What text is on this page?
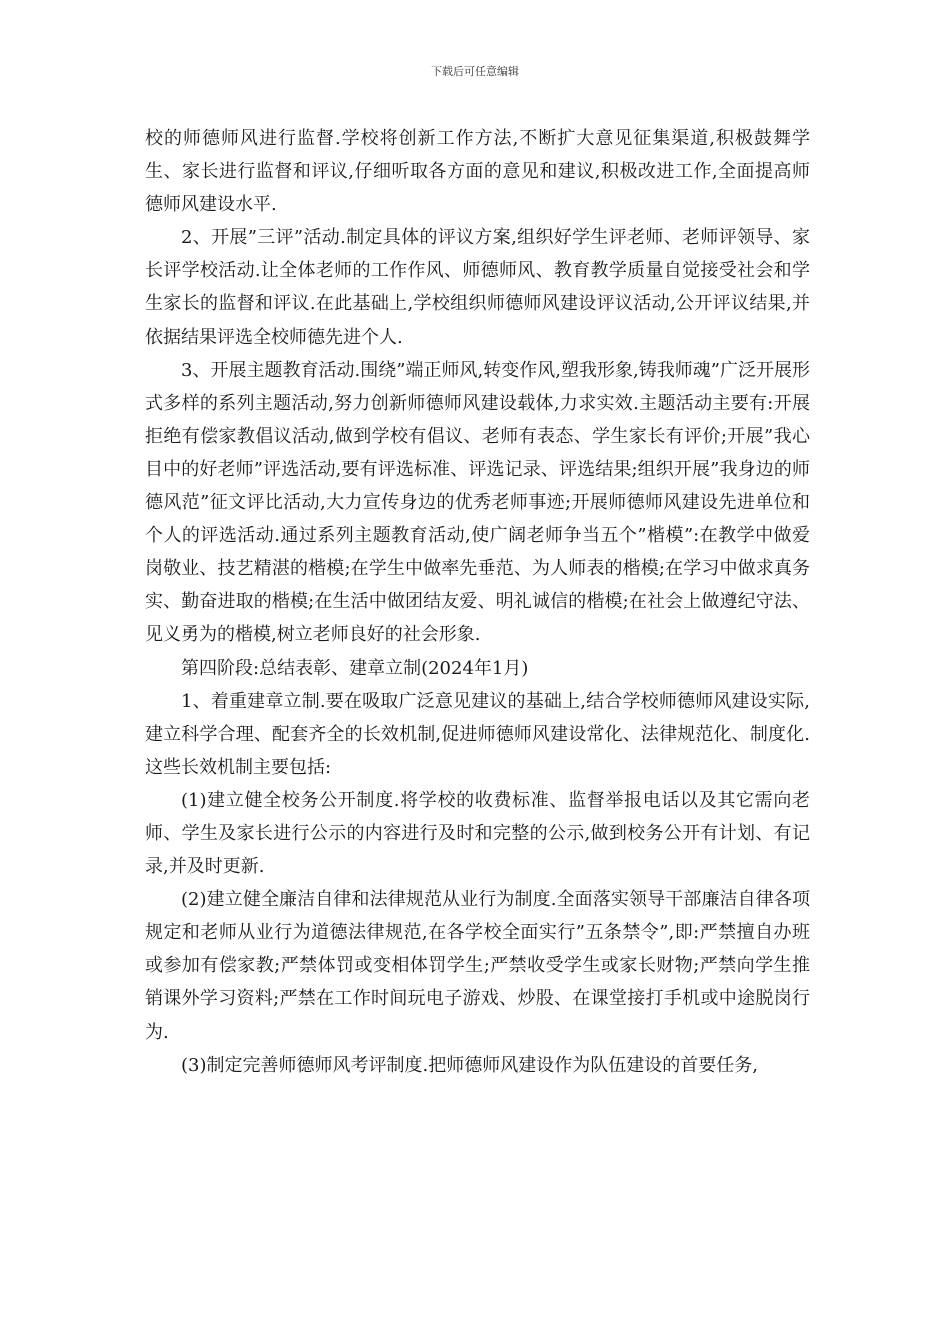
下载后可任意编辑

校的师德师风进行监督.学校将创新工作方法,不断扩大意见征集渠道,积极鼓舞学生、家长进行监督和评议,仔细听取各方面的意见和建议,积极改进工作,全面提高师德师风建设水平.

2、开展”三评”活动.制定具体的评议方案,组织好学生评老师、老师评领导、家长评学校活动.让全体老师的工作作风、师德师风、教育教学质量自觉接受社会和学生家长的监督和评议.在此基础上,学校组织师德师风建设评议活动,公开评议结果,并依据结果评选全校师德先进个人.

3、开展主题教育活动.围绕”端正师风,转变作风,塑我形象,铸我师魂”广泛开展形式多样的系列主题活动,努力创新师德师风建设载体,力求实效.主题活动主要有:开展拒绝有偿家教倡议活动,做到学校有倡议、老师有表态、学生家长有评价;开展”我心目中的好老师”评选活动,要有评选标准、评选记录、评选结果;组织开展”我身边的师德风范”征文评比活动,大力宣传身边的优秀老师事迹;开展师德师风建设先进单位和个人的评选活动.通过系列主题教育活动,使广阔老师争当五个”楷模”:在教学中做爱岗敬业、技艺精湛的楷模;在学生中做率先垂范、为人师表的楷模;在学习中做求真务实、勤奋进取的楷模;在生活中做团结友爱、明礼诚信的楷模;在社会上做遵纪守法、见义勇为的楷模,树立老师良好的社会形象.

第四阶段:总结表彰、建章立制(2024年1月)

1、着重建章立制.要在吸取广泛意见建议的基础上,结合学校师德师风建设实际,建立科学合理、配套齐全的长效机制,促进师德师风建设常化、法律规范化、制度化.这些长效机制主要包括:

(1)建立健全校务公开制度.将学校的收费标准、监督举报电话以及其它需向老师、学生及家长进行公示的内容进行及时和完整的公示,做到校务公开有计划、有记录,并及时更新.

(2)建立健全廉洁自律和法律规范从业行为制度.全面落实领导干部廉洁自律各项规定和老师从业行为道德法律规范,在各学校全面实行”五条禁令”,即:严禁擅自办班或参加有偿家教;严禁体罚或变相体罚学生;严禁收受学生或家长财物;严禁向学生推销课外学习资料;严禁在工作时间玩电子游戏、炒股、在课堂接打手机或中途脱岗行为.

(3)制定完善师德师风考评制度.把师德师风建设作为队伍建设的首要任务,
